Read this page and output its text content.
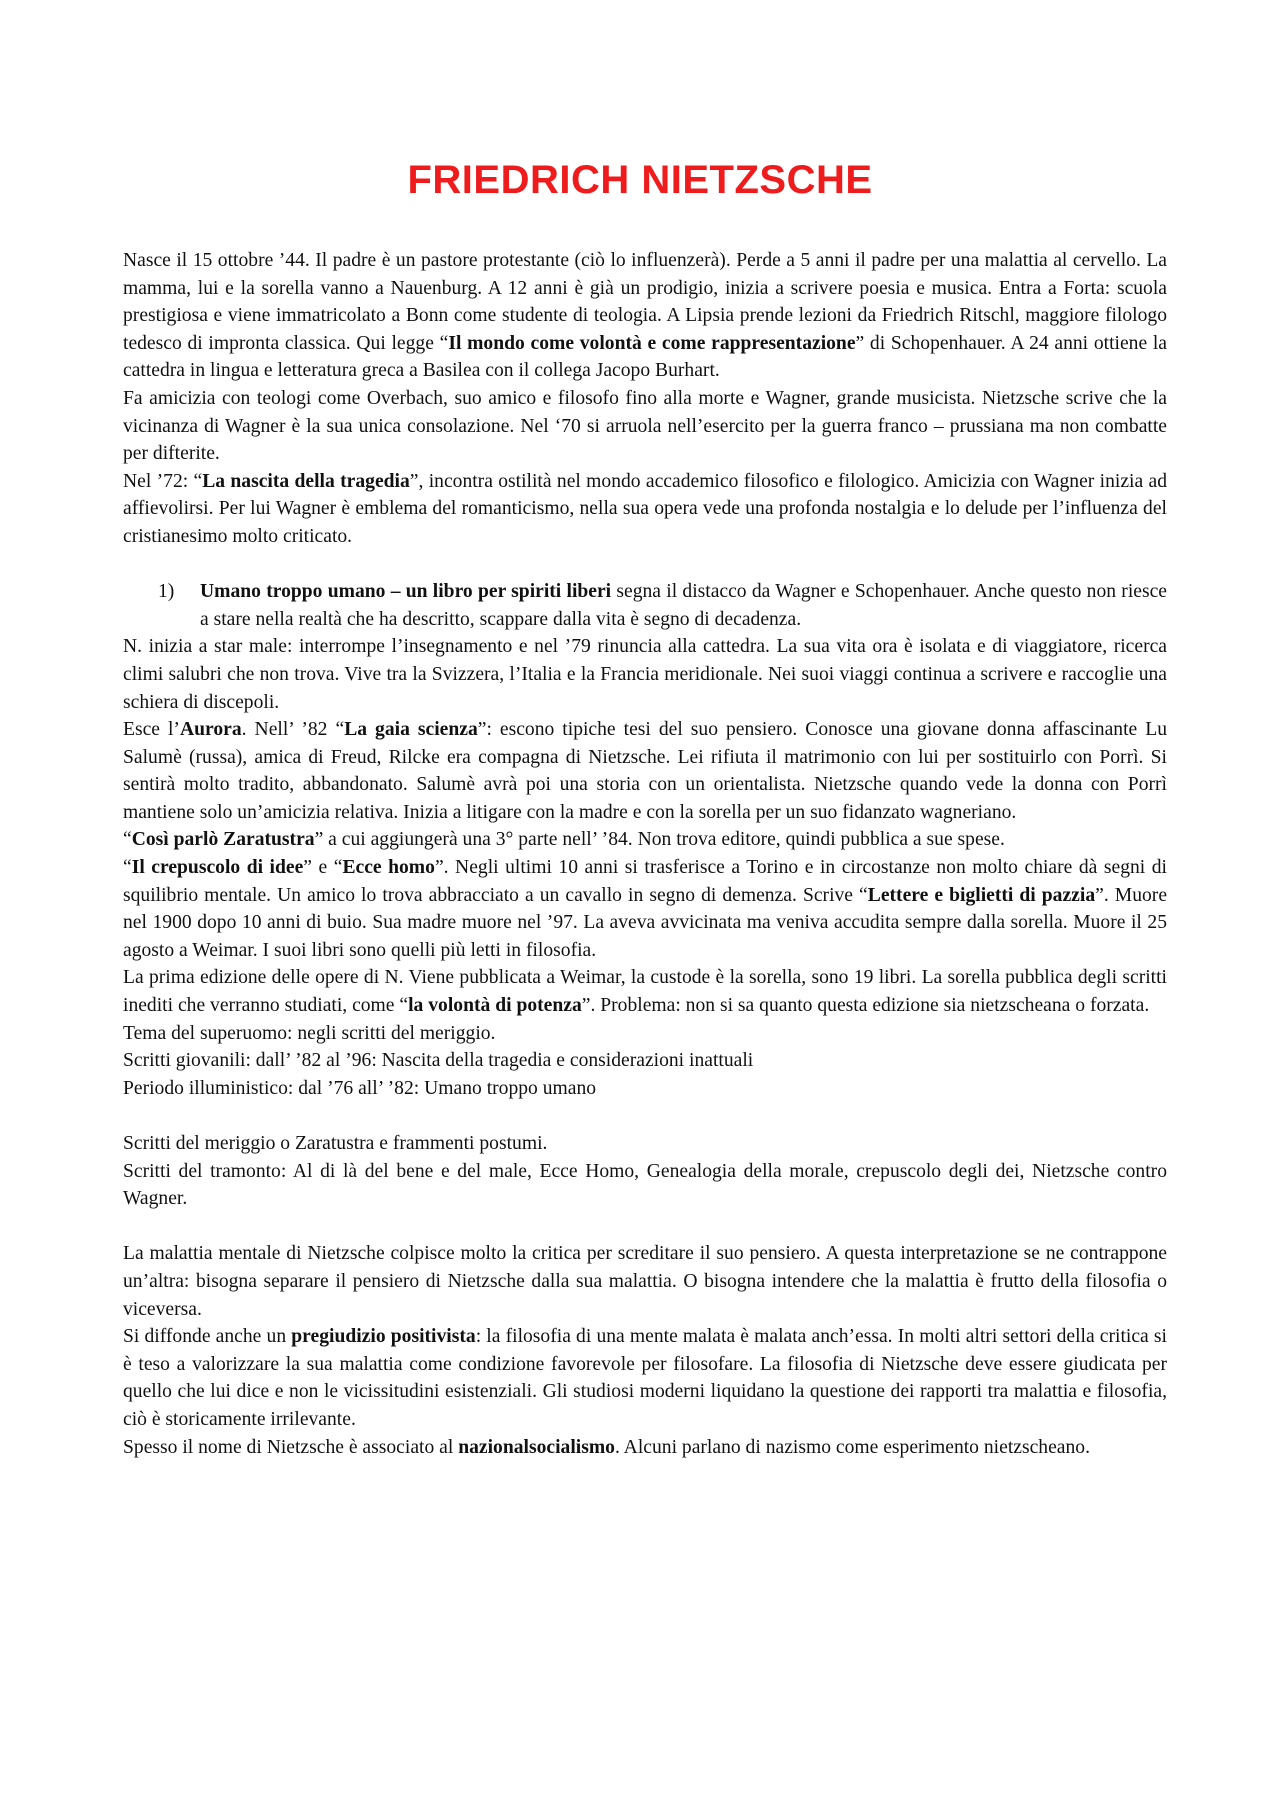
FRIEDRICH NIETZSCHE

Nasce il 15 ottobre ’44. Il padre è un pastore protestante (ciò lo influenzerà). Perde a 5 anni il padre per una malattia al cervello. La mamma, lui e la sorella vanno a Nauenburg. A 12 anni è già un prodigio, inizia a scrivere poesia e musica. Entra a Forta: scuola prestigiosa e viene immatricolato a Bonn come studente di teologia. A Lipsia prende lezioni da Friedrich Ritschl, maggiore filologo tedesco di impronta classica. Qui legge “Il mondo come volontà e come rappresentazione” di Schopenhauer. A 24 anni ottiene la cattedra in lingua e letteratura greca a Basilea con il collega Jacopo Burhart.

Fa amicizia con teologi come Overbach, suo amico e filosofo fino alla morte e Wagner, grande musicista. Nietzsche scrive che la vicinanza di Wagner è la sua unica consolazione. Nel ‘70 si arruola nell’esercito per la guerra franco – prussiana ma non combatte per difterite.

Nel ’72: “La nascita della tragedia”, incontra ostilità nel mondo accademico filosofico e filologico. Amicizia con Wagner inizia ad affievolirsi. Per lui Wagner è emblema del romanticismo, nella sua opera vede una profonda nostalgia e lo delude per l’influenza del cristianesimo molto criticato.

1) Umano troppo umano – un libro per spiriti liberi segna il distacco da Wagner e Schopenhauer. Anche questo non riesce a stare nella realtà che ha descritto, scappare dalla vita è segno di decadenza.

N. inizia a star male: interrompe l’insegnamento e nel ’79 rinuncia alla cattedra. La sua vita ora è isolata e di viaggiatore, ricerca climi salubri che non trova. Vive tra la Svizzera, l’Italia e la Francia meridionale. Nei suoi viaggi continua a scrivere e raccoglie una schiera di discepoli.

Esce l’Aurora. Nell’ ’82 “La gaia scienza”: escono tipiche tesi del suo pensiero. Conosce una giovane donna affascinante Lu Salumè (russa), amica di Freud, Rilcke era compagna di Nietzsche. Lei rifiuta il matrimonio con lui per sostituirlo con Porrì. Si sentirà molto tradito, abbandonato. Salumè avrà poi una storia con un orientalista. Nietzsche quando vede la donna con Porrì mantiene solo un’amicizia relativa. Inizia a litigare con la madre e con la sorella per un suo fidanzato wagneriano.

“Così parlò Zaratustra” a cui aggiungerà una 3° parte nell’ ’84. Non trova editore, quindi pubblica a sue spese.

“Il crepuscolo di idee” e “Ecce homo”. Negli ultimi 10 anni si trasferisce a Torino e in circostanze non molto chiare dà segni di squilibrio mentale. Un amico lo trova abbracciato a un cavallo in segno di demenza. Scrive “Lettere e biglietti di pazzia”. Muore nel 1900 dopo 10 anni di buio. Sua madre muore nel ’97. La aveva avvicinata ma veniva accudita sempre dalla sorella. Muore il 25 agosto a Weimar. I suoi libri sono quelli più letti in filosofia.

La prima edizione delle opere di N. Viene pubblicata a Weimar, la custode è la sorella, sono 19 libri. La sorella pubblica degli scritti inediti che verranno studiati, come “la volontà di potenza”. Problema: non si sa quanto questa edizione sia nietzscheana o forzata.

Tema del superuomo: negli scritti del meriggio.

Scritti giovanili: dall’ ’82 al ’96: Nascita della tragedia e considerazioni inattuali

Periodo illuministico: dal ’76 all’ ’82: Umano troppo umano

Scritti del meriggio o Zaratustra e frammenti postumi.

Scritti del tramonto: Al di là del bene e del male, Ecce Homo, Genealogia della morale, crepuscolo degli dei, Nietzsche contro Wagner.

La malattia mentale di Nietzsche colpisce molto la critica per screditare il suo pensiero. A questa interpretazione se ne contrappone un’altra: bisogna separare il pensiero di Nietzsche dalla sua malattia. O bisogna intendere che la malattia è frutto della filosofia o viceversa.

Si diffonde anche un pregiudizio positivista: la filosofia di una mente malata è malata anch’essa. In molti altri settori della critica si è teso a valorizzare la sua malattia come condizione favorevole per filosofare. La filosofia di Nietzsche deve essere giudicata per quello che lui dice e non le vicissitudini esistenziali. Gli studiosi moderni liquidano la questione dei rapporti tra malattia e filosofia, ciò è storicamente irrilevante.

Spesso il nome di Nietzsche è associato al nazionalsocialismo. Alcuni parlano di nazismo come esperimento nietzscheano.
